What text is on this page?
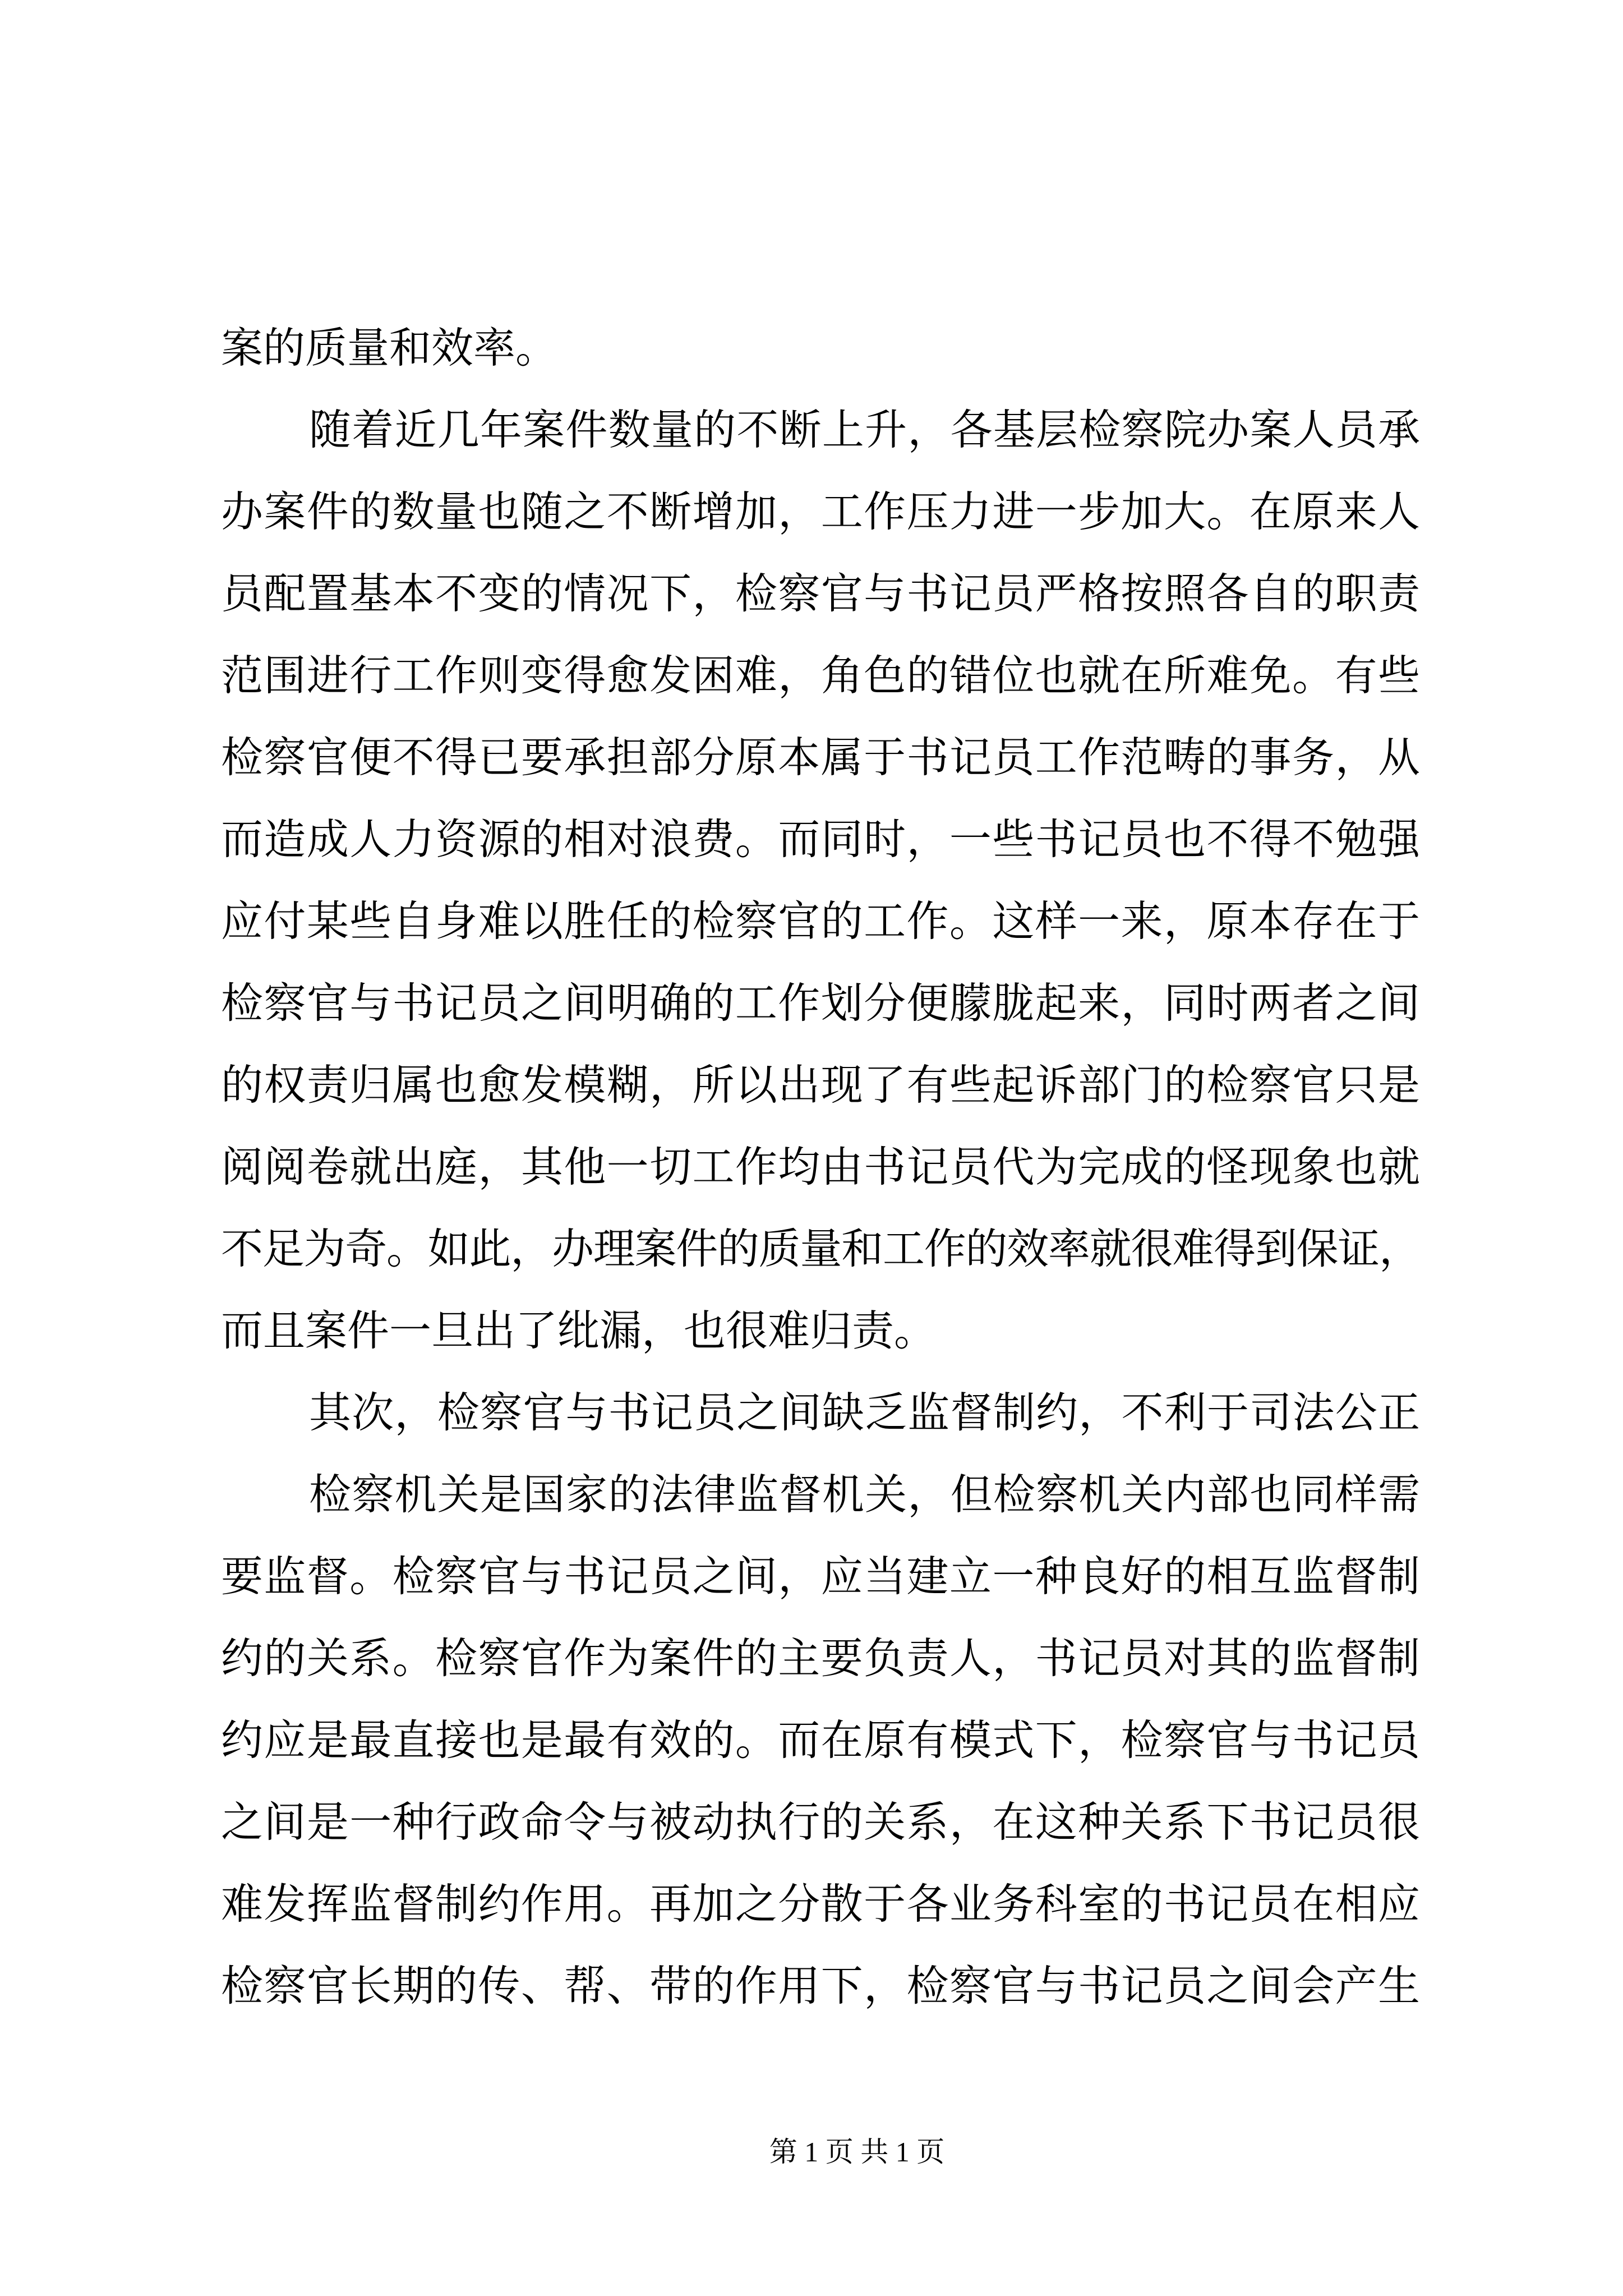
案的质量和效率。
随着近几年案件数量的不断上升，各基层检察院办案人员承
办案件的数量也随之不断增加，工作压力进一步加大。在原来人
员配置基本不变的情况下，检察官与书记员严格按照各自的职责
范围进行工作则变得愈发困难，角色的错位也就在所难免。有些
检察官便不得已要承担部分原本属于书记员工作范畴的事务，从
而造成人力资源的相对浪费。而同时，一些书记员也不得不勉强
应付某些自身难以胜任的检察官的工作。这样一来，原本存在于
检察官与书记员之间明确的工作划分便朦胧起来，同时两者之间
的权责归属也愈发模糊，所以出现了有些起诉部门的检察官只是
阅阅卷就出庭，其他一切工作均由书记员代为完成的怪现象也就
不足为奇。如此，办理案件的质量和工作的效率就很难得到保证，
而且案件一旦出了纰漏，也很难归责。
其次，检察官与书记员之间缺乏监督制约，不利于司法公正
检察机关是国家的法律监督机关，但检察机关内部也同样需
要监督。检察官与书记员之间，应当建立一种良好的相互监督制
约的关系。检察官作为案件的主要负责人，书记员对其的监督制
约应是最直接也是最有效的。而在原有模式下，检察官与书记员
之间是一种行政命令与被动执行的关系，在这种关系下书记员很
难发挥监督制约作用。再加之分散于各业务科室的书记员在相应
检察官长期的传、帮、带的作用下，检察官与书记员之间会产生
第 1 页 共 1 页
